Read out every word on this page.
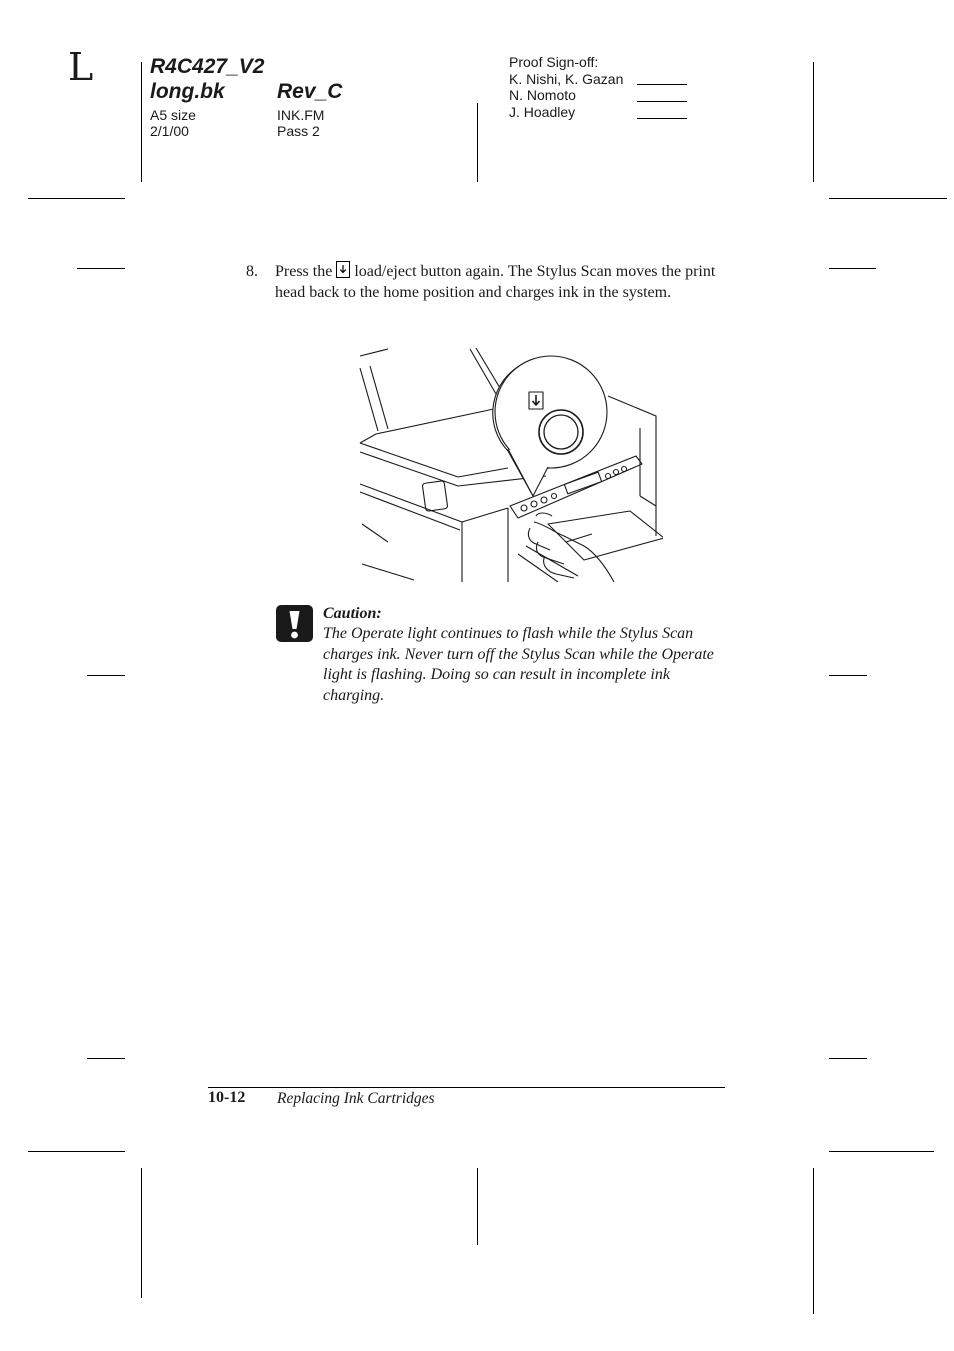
L	R4C427_V2
long.bk Rev_C
A5 size	INK.FM
2/1/00	Pass 2
Proof Sign-off:
K. Nishi, K. Gazan
N. Nomoto
J. Hoadley
8. Press the load/eject button again. The Stylus Scan moves the print head back to the home position and charges ink in the system.
Caution:
The Operate light continues to flash while the Stylus Scan charges ink. Never turn off the Stylus Scan while the Operate light is flashing. Doing so can result in incomplete ink charging.
10-12 Replacing Ink Cartridges
